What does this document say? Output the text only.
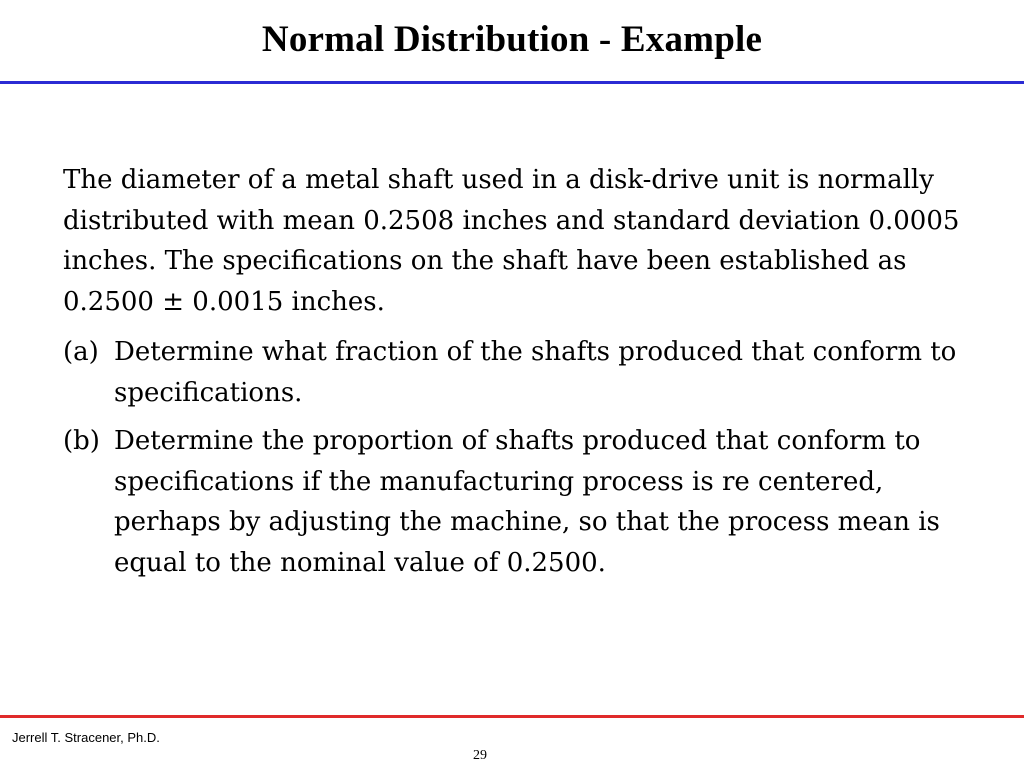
Normal Distribution - Example

The diameter of a metal shaft used in a disk-drive unit is normally distributed with mean 0.2508 inches and standard deviation 0.0005 inches. The specifications on the shaft have been established as 0.2500 ± 0.0015 inches.

(a) Determine what fraction of the shafts produced that conform to specifications.
(b) Determine the proportion of shafts produced that conform to specifications if the manufacturing process is re centered, perhaps by adjusting the machine, so that the process mean is equal to the nominal value of 0.2500.
Jerrell T. Stracener, Ph.D.
29
